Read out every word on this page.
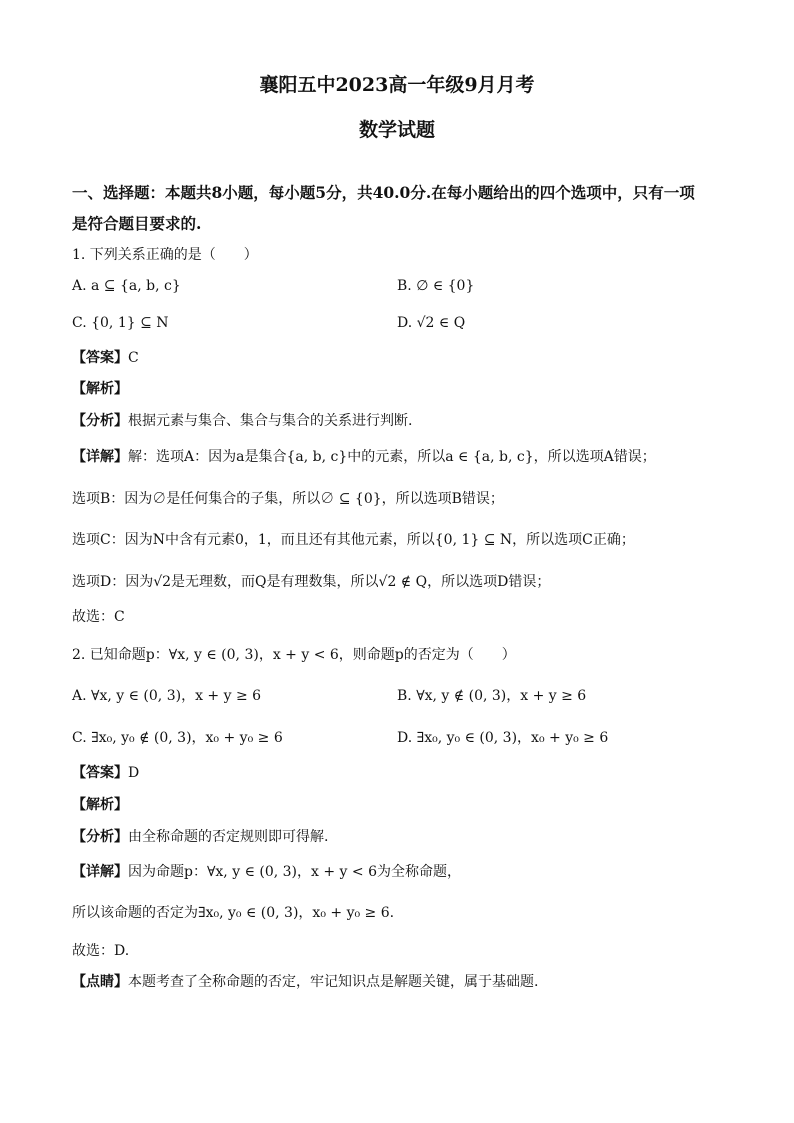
襄阳五中2023高一年级9月月考
数学试题
一、选择题：本题共8小题，每小题5分，共40.0分.在每小题给出的四个选项中，只有一项
是符合题目要求的.
1. 下列关系正确的是（　　）
A. a ⊆ {a, b, c}	B. ∅ ∈ {0}
C. {0, 1} ⊆ N	D. √2 ∈ Q
【答案】C
【解析】
【分析】根据元素与集合、集合与集合的关系进行判断.
【详解】解：选项A：因为a是集合{a, b, c}中的元素，所以a ∈ {a, b, c}，所以选项A错误；
选项B：因为∅是任何集合的子集，所以∅ ⊆ {0}，所以选项B错误；
选项C：因为N中含有元素0，1，而且还有其他元素，所以{0, 1} ⊆ N，所以选项C正确；
选项D：因为√2是无理数，而Q是有理数集，所以√2 ∉ Q，所以选项D错误；
故选：C
2. 已知命题p：∀x, y ∈ (0, 3)，x + y < 6，则命题p的否定为（　　）
A. ∀x, y ∈ (0, 3)，x + y ≥ 6	B. ∀x, y ∉ (0, 3)，x + y ≥ 6
C. ∃x₀, y₀ ∉ (0, 3)，x₀ + y₀ ≥ 6	D. ∃x₀, y₀ ∈ (0, 3)，x₀ + y₀ ≥ 6
【答案】D
【解析】
【分析】由全称命题的否定规则即可得解.
【详解】因为命题p：∀x, y ∈ (0, 3)，x + y < 6为全称命题，
所以该命题的否定为∃x₀, y₀ ∈ (0, 3)，x₀ + y₀ ≥ 6.
故选：D.
【点睛】本题考查了全称命题的否定，牢记知识点是解题关键，属于基础题.
